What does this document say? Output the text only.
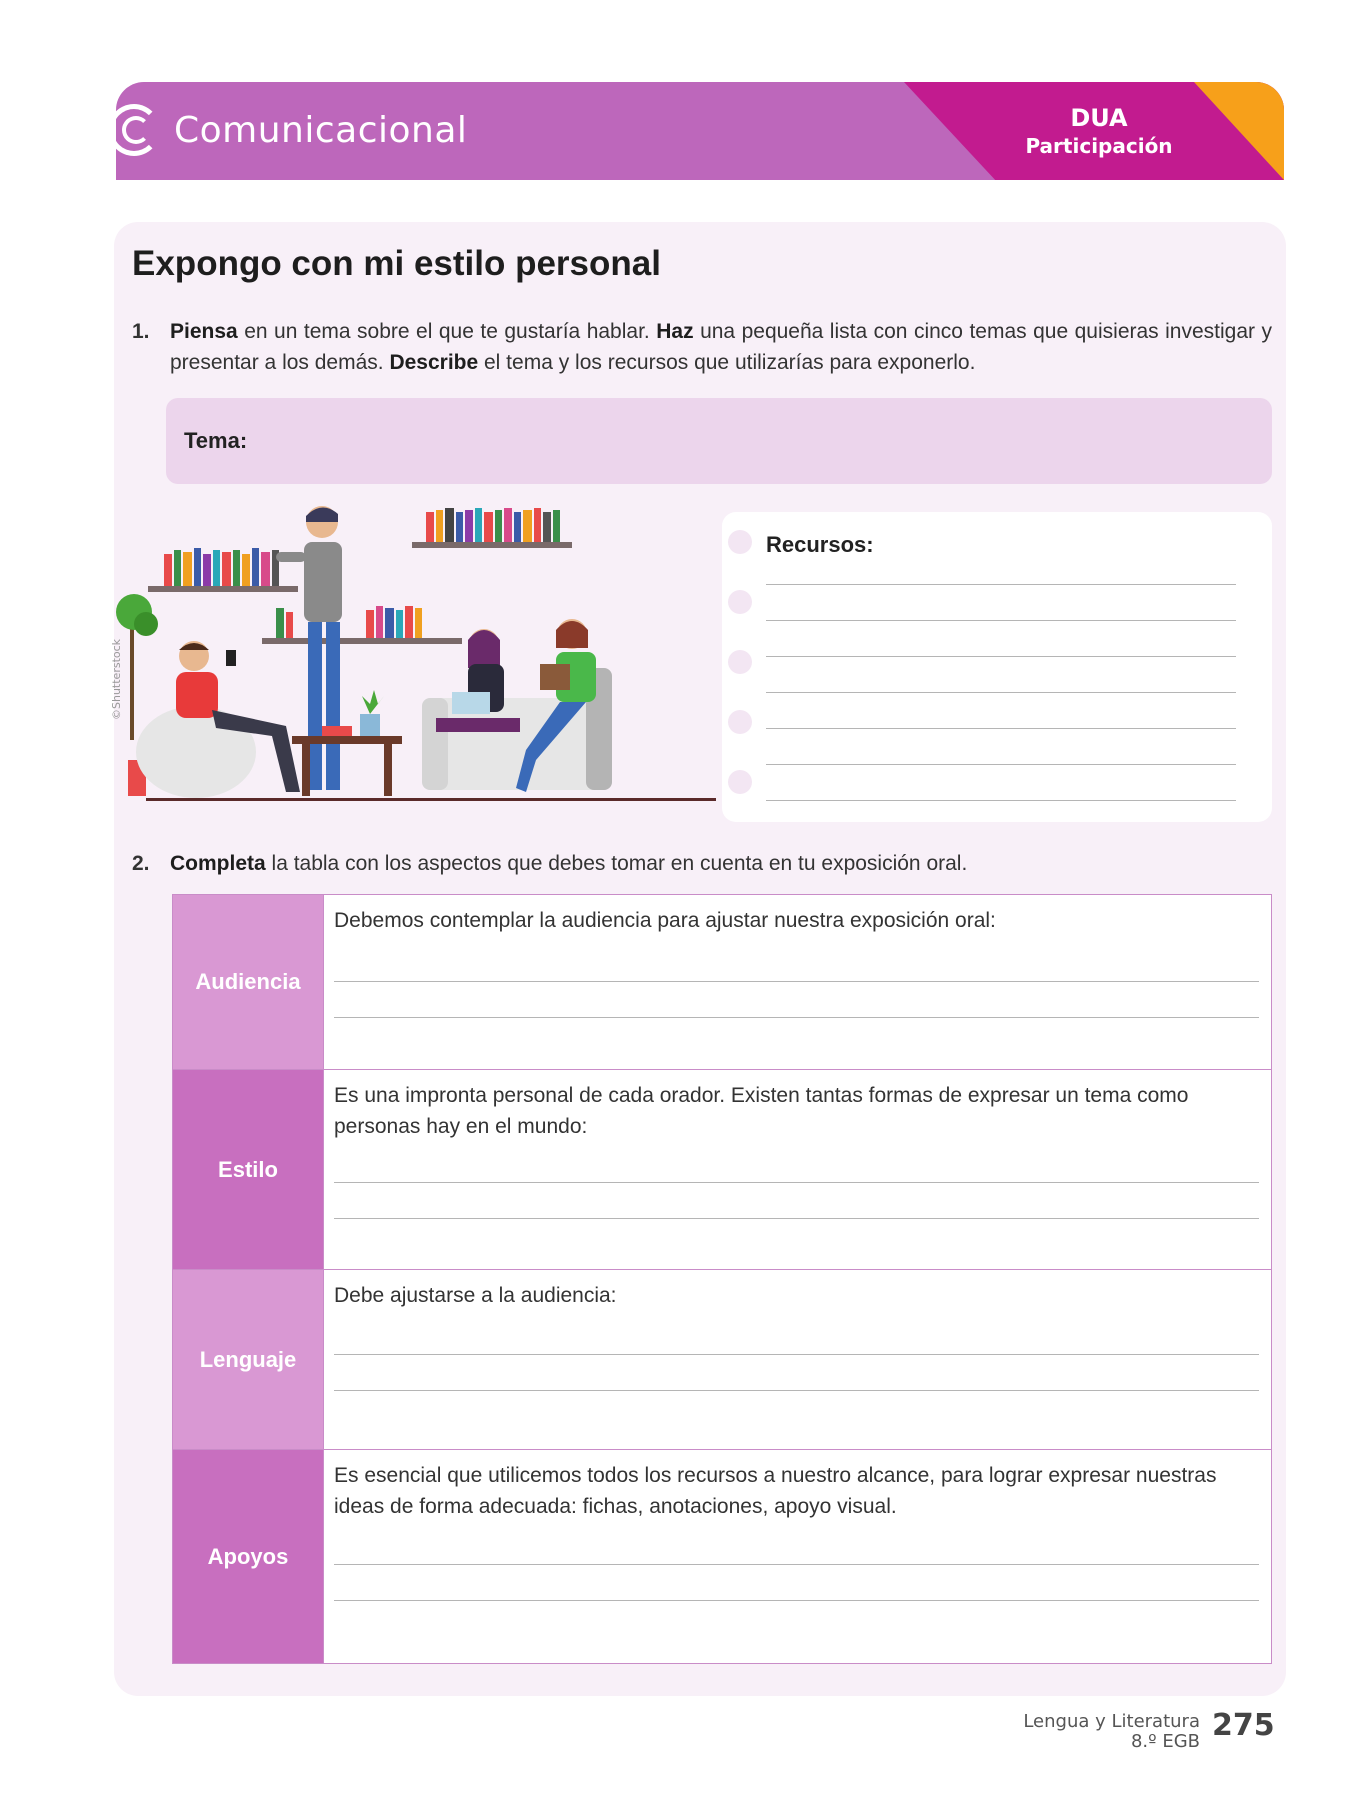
Comunicacional	DUA
Participación
Expongo con mi estilo personal
1. Piensa en un tema sobre el que te gustaría hablar. Haz una pequeña lista con cinco temas que quisieras investigar y presentar a los demás. Describe el tema y los recursos que utilizarías para exponerlo.
Tema:
©Shutterstock
Recursos:
2. Completa la tabla con los aspectos que debes tomar en cuenta en tu exposición oral.
Audiencia
Debemos contemplar la audiencia para ajustar nuestra exposición oral:
Estilo
Es una impronta personal de cada orador. Existen tantas formas de expresar un tema como personas hay en el mundo:
Lenguaje
Debe ajustarse a la audiencia:
Apoyos
Es esencial que utilicemos todos los recursos a nuestro alcance, para lograr expresar nuestras ideas de forma adecuada: fichas, anotaciones, apoyo visual.
Lengua y Literatura
8.º EGB 275
